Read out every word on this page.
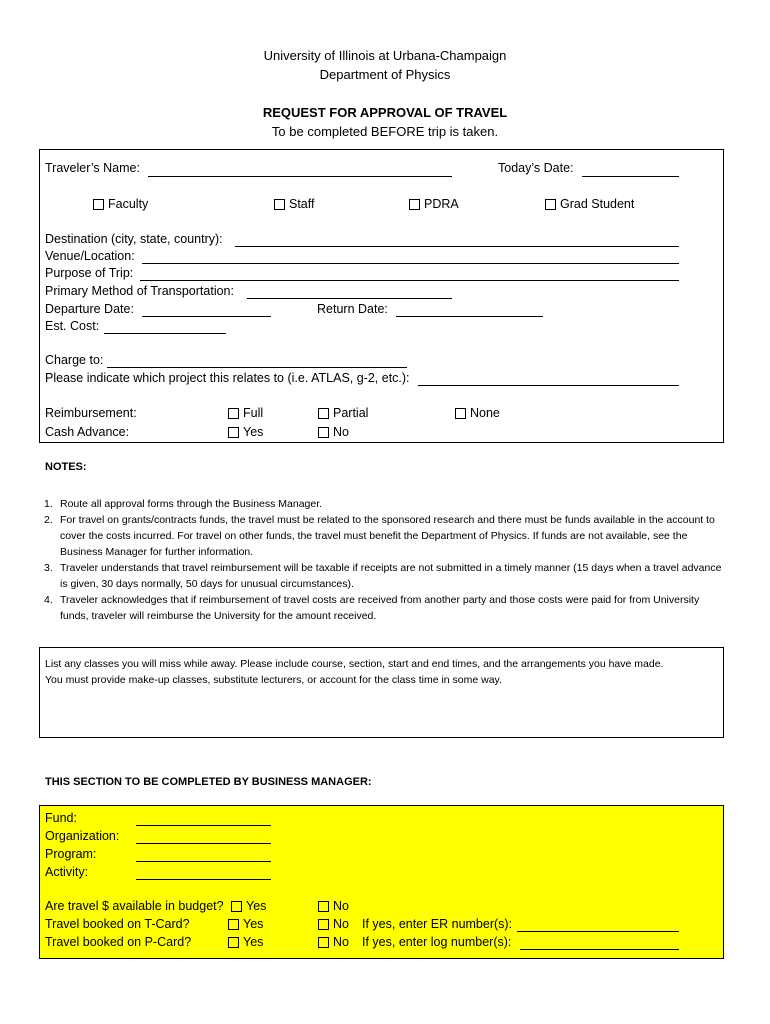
University of Illinois at Urbana-Champaign
Department of Physics
REQUEST FOR APPROVAL OF TRAVEL
To be completed BEFORE trip is taken.
Traveler’s Name:	Today’s Date:
Faculty	Staff	PDRA	Grad Student
Destination (city, state, country):
Venue/Location:
Purpose of Trip:
Primary Method of Transportation:
Departure Date:	Return Date:
Est. Cost:
Charge to:
Please indicate which project this relates to (i.e. ATLAS, g-2, etc.):
Reimbursement:	Full	Partial	None
Cash Advance:	Yes	No
NOTES:
1. Route all approval forms through the Business Manager.
2. For travel on grants/contracts funds, the travel must be related to the sponsored research and there must be funds available in the account to cover the costs incurred. For travel on other funds, the travel must benefit the Department of Physics. If funds are not available, see the Business Manager for further information.
3. Traveler understands that travel reimbursement will be taxable if receipts are not submitted in a timely manner (15 days when a travel advance is given, 30 days normally, 50 days for unusual circumstances).
4. Traveler acknowledges that if reimbursement of travel costs are received from another party and those costs were paid for from University funds, traveler will reimburse the University for the amount received.
List any classes you will miss while away. Please include course, section, start and end times, and the arrangements you have made.
You must provide make-up classes, substitute lecturers, or account for the class time in some way.
THIS SECTION TO BE COMPLETED BY BUSINESS MANAGER:
Fund:
Organization:
Program:
Activity:
Are travel $ available in budget? Yes	No
Travel booked on T-Card?	Yes	No If yes, enter ER number(s):
Travel booked on P-Card?	Yes	No If yes, enter log number(s):
